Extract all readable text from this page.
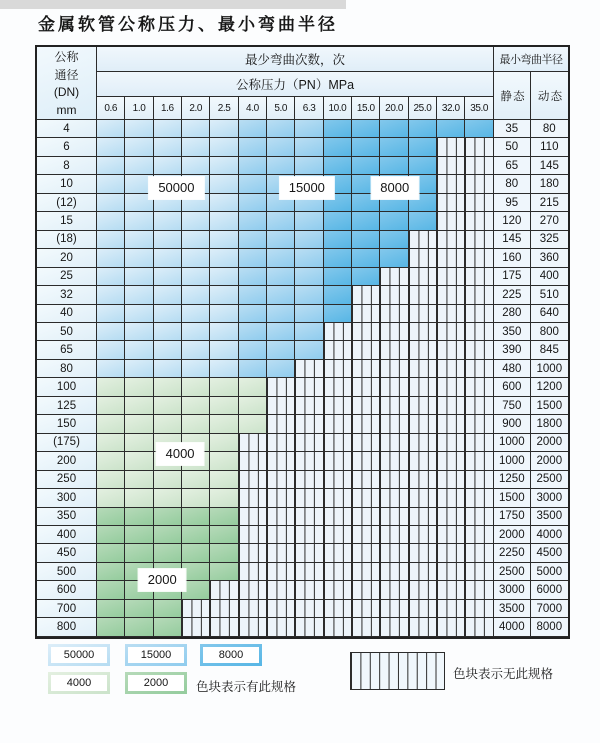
金属软管公称压力、最小弯曲半径
公称
通径
(DN)
mm
最少弯曲次数，次
公称压力（PN）MPa
0.6	1.0	1.6	2.0	2.5	4.0	5.0	6.3	10.0	15.0	20.0	25.0	32.0	35.0
最小弯曲半径
静 态	动 态
4	35	80
6	50	110
8	65	145
10	80	180
(12)	95	215
15	120	270
(18)	145	325
20	160	360
25	175	400
32	225	510
40	280	640
50	350	800
65	390	845
80	480	1000
100	600	1200
125	750	1500
150	900	1800
(175)	1000	2000
200	1000	2000
250	1250	2500
300	1500	3000
350	1750	3500
400	2000	4000
450	2250	4500
500	2500	5000
600	3000	6000
700	3500	7000
800	4000	8000
50000	15000	8000
4000
2000
50000	15000	8000
4000	2000	色块表示有此规格
色块表示无此规格
